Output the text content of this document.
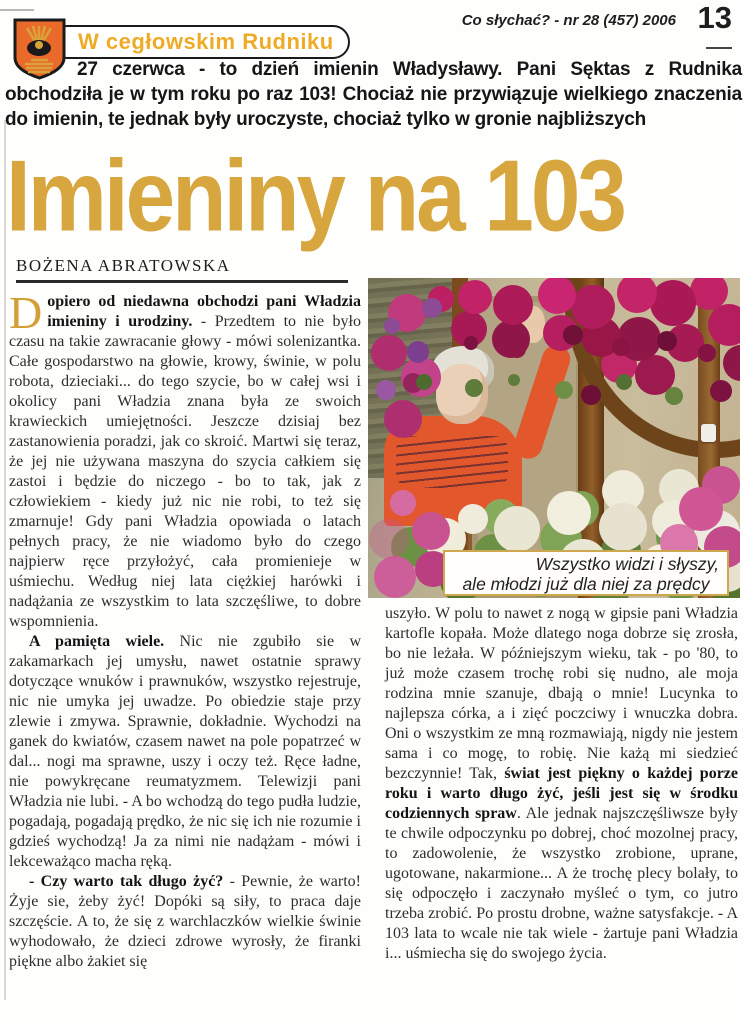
W cegłowskim Rudniku
Co słychać? - nr 28 (457) 2006 13
27 czerwca - to dzień imienin Władysławy. Pani Sęktas z Rudnika obchodziła je w tym roku po raz 103! Chociaż nie przywiązuje wielkiego znaczenia do imienin, te jednak były uroczyste, chociaż tylko w gronie najbliższych
Imieniny na 103
BOŻENA ABRATOWSKA

Dopiero od niedawna obchodzi pani Władzia imieniny i urodziny. - Przedtem to nie było czasu na takie zawracanie głowy - mówi solenizantka. Całe gospodarstwo na głowie, krowy, świnie, w polu robota, dzieciaki... do tego szycie, bo w całej wsi i okolicy pani Władzia znana była ze swoich krawieckich umiejętności. Jeszcze dzisiaj bez zastanowienia poradzi, jak co skroić. Martwi się teraz, że jej nie używana maszyna do szycia całkiem się zastoi i będzie do niczego - bo to tak, jak z człowiekiem - kiedy już nic nie robi, to też się zmarnuje! Gdy pani Władzia opowiada o latach pełnych pracy, że nie wiadomo było do czego najpierw ręce przyłożyć, cała promienieje w uśmiechu. Według niej lata ciężkiej harówki i nadążania ze wszystkim to lata szczęśliwe, to dobre wspomnienia.

A pamięta wiele. Nic nie zgubiło sie w zakamarkach jej umysłu, nawet ostatnie sprawy dotyczące wnuków i prawnuków, wszystko rejestruje, nic nie umyka jej uwadze. Po obiedzie staje przy zlewie i zmywa. Sprawnie, dokładnie. Wychodzi na ganek do kwiatów, czasem nawet na pole popatrzeć w dal... nogi ma sprawne, uszy i oczy też. Ręce ładne, nie powykręcane reumatyzmem. Telewizji pani Władzia nie lubi. - A bo wchodzą do tego pudła ludzie, pogadają, pogadają prędko, że nic się ich nie rozumie i gdzieś wychodzą! Ja za nimi nie nadążam - mówi i lekceważąco macha ręką.

- Czy warto tak długo żyć? - Pewnie, że warto! Żyje sie, żeby żyć! Dopóki są siły, to praca daje szczęście. A to, że się z warchlaczków wielkie świnie wyhodowało, że dzieci zdrowe wyrosły, że firanki piękne albo żakiet się

uszyło. W polu to nawet z nogą w gipsie pani Władzia kartofle kopała. Może dlatego noga dobrze się zrosła, bo nie leżała. W późniejszym wieku, tak - po '80, to już może czasem trochę robi się nudno, ale moja rodzina mnie szanuje, dbają o mnie! Lucynka to najlepsza córka, a i zięć poczciwy i wnuczka dobra. Oni o wszystkim ze mną rozmawiają, nigdy nie jestem sama i co mogę, to robię. Nie każą mi siedzieć bezczynnie! Tak, świat jest piękny o każdej porze roku i warto długo żyć, jeśli jest się w środku codziennych spraw. Ale jednak najszczęśliwsze były te chwile odpoczynku po dobrej, choć mozolnej pracy, to zadowolenie, że wszystko zrobione, uprane, ugotowane, nakarmione... A że trochę plecy bolały, to się odpoczęło i zaczynało myśleć o tym, co jutro trzeba zrobić. Po prostu drobne, ważne satysfakcje. - A 103 lata to wcale nie tak wiele - żartuje pani Władzia i... uśmiecha się do swojego życia.

Wszystko widzi i słyszy,
ale młodzi już dla niej za prędcy
